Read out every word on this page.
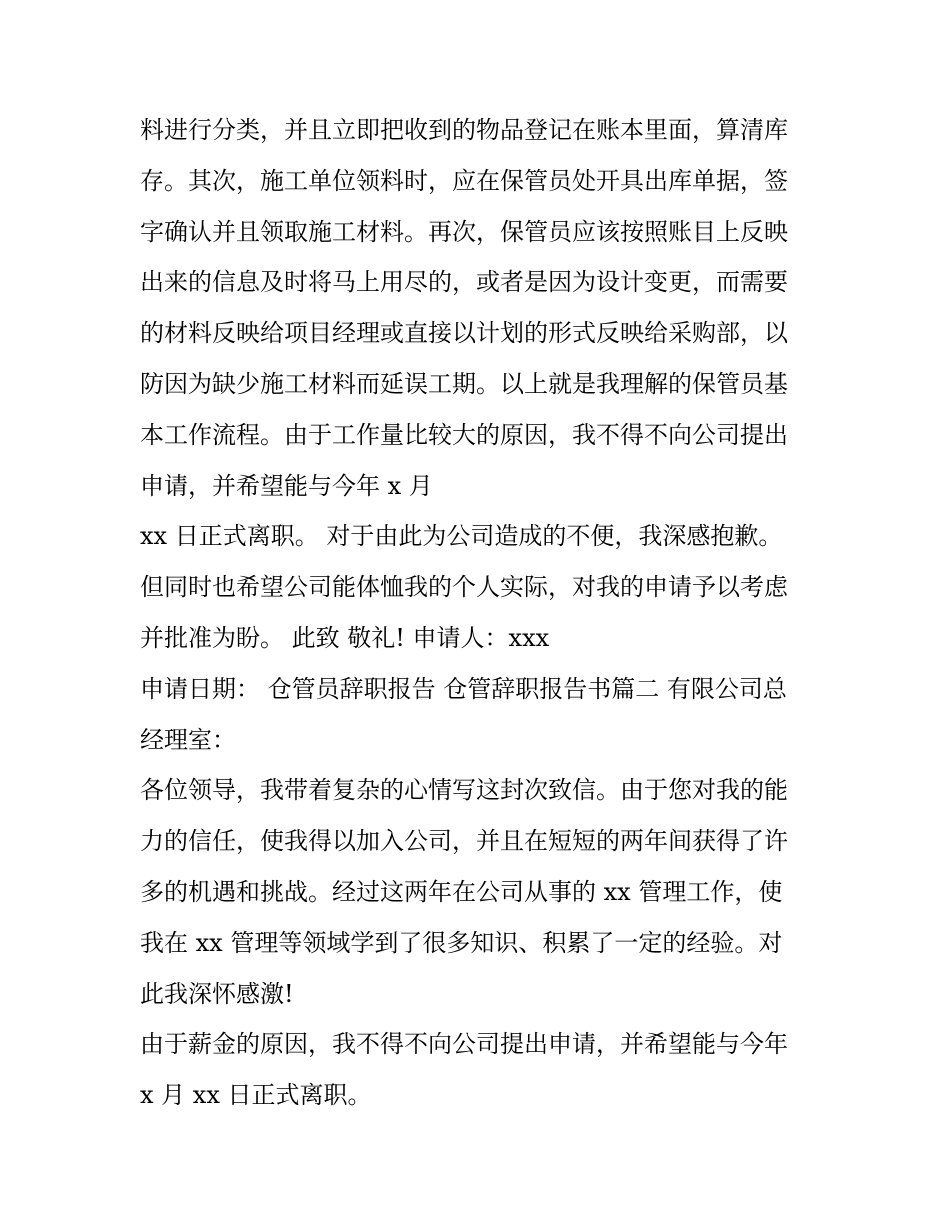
料进行分类，并且立即把收到的物品登记在账本里面，算清库
存。其次，施工单位领料时，应在保管员处开具出库单据，签
字确认并且领取施工材料。再次，保管员应该按照账目上反映
出来的信息及时将马上用尽的，或者是因为设计变更，而需要
的材料反映给项目经理或直接以计划的形式反映给采购部，以
防因为缺少施工材料而延误工期。以上就是我理解的保管员基
本工作流程。由于工作量比较大的原因，我不得不向公司提出
申请，并希望能与今年 x 月
xx 日正式离职。 对于由此为公司造成的不便，我深感抱歉。
但同时也希望公司能体恤我的个人实际，对我的申请予以考虑
并批准为盼。 此致 敬礼! 申请人：xxx
申请日期： 仓管员辞职报告 仓管辞职报告书篇二 有限公司总
经理室：
各位领导，我带着复杂的心情写这封次致信。由于您对我的能
力的信任，使我得以加入公司，并且在短短的两年间获得了许
多的机遇和挑战。经过这两年在公司从事的 xx 管理工作，使
我在 xx 管理等领域学到了很多知识、积累了一定的经验。对
此我深怀感激!
由于薪金的原因，我不得不向公司提出申请，并希望能与今年
x 月 xx 日正式离职。
